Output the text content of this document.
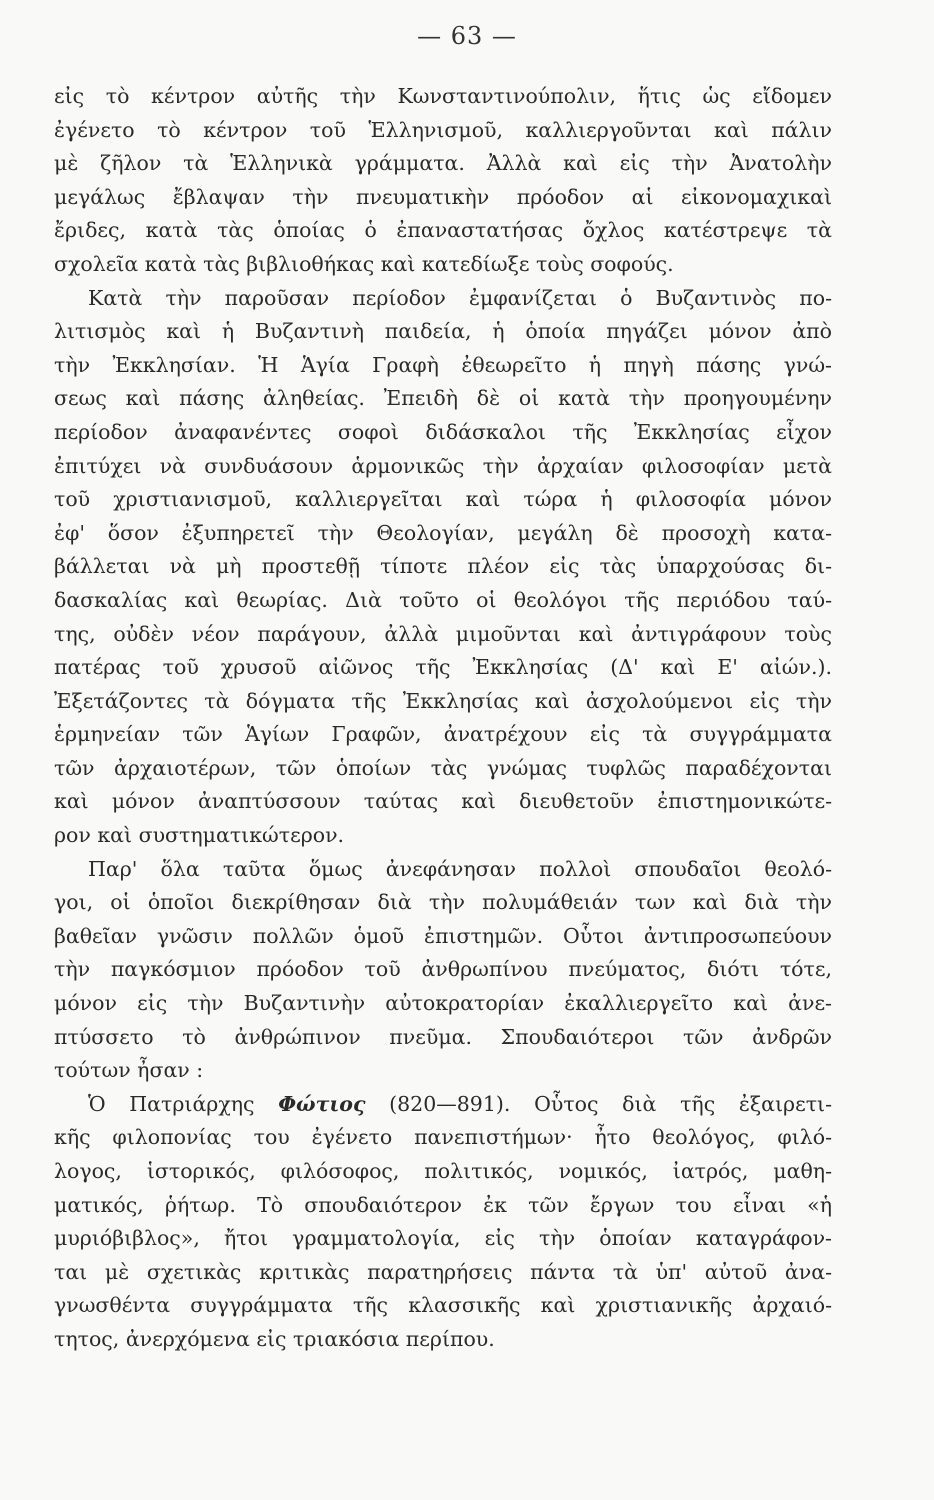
— 63 —
εἰς τὸ κέντρον αὐτῆς τὴν Κωνσταντινούπολιν, ἥτις ὡς εἴδομεν
ἐγένετο τὸ κέντρον τοῦ Ἑλληνισμοῦ, καλλιεργοῦνται καὶ πάλιν
μὲ ζῆλον τὰ Ἑλληνικὰ γράμματα. Ἀλλὰ καὶ εἰς τὴν Ἀνατολὴν
μεγάλως ἔβλαψαν τὴν πνευματικὴν πρόοδον αἱ εἰκονομαχικαὶ
ἔριδες, κατὰ τὰς ὁποίας ὁ ἐπαναστατήσας ὄχλος κατέστρεψε τὰ
σχολεῖα κατὰ τὰς βιβλιοθήκας καὶ κατεδίωξε τοὺς σοφούς.
Κατὰ τὴν παροῦσαν περίοδον ἐμφανίζεται ὁ Βυζαντινὸς πο-
λιτισμὸς καὶ ἡ Βυζαντινὴ παιδεία, ἡ ὁποία πηγάζει μόνον ἀπὸ
τὴν Ἐκκλησίαν. Ἡ Ἁγία Γραφὴ ἐθεωρεῖτο ἡ πηγὴ πάσης γνώ-
σεως καὶ πάσης ἀληθείας. Ἐπειδὴ δὲ οἱ κατὰ τὴν προηγουμένην
περίοδον ἀναφανέντες σοφοὶ διδάσκαλοι τῆς Ἐκκλησίας εἶχον
ἐπιτύχει νὰ συνδυάσουν ἁρμονικῶς τὴν ἀρχαίαν φιλοσοφίαν μετὰ
τοῦ χριστιανισμοῦ, καλλιεργεῖται καὶ τώρα ἡ φιλοσοφία μόνον
ἐφ' ὅσον ἐξυπηρετεῖ τὴν Θεολογίαν, μεγάλη δὲ προσοχὴ κατα-
βάλλεται νὰ μὴ προστεθῇ τίποτε πλέον εἰς τὰς ὑπαρχούσας δι-
δασκαλίας καὶ θεωρίας. Διὰ τοῦτο οἱ θεολόγοι τῆς περιόδου ταύ-
της, οὐδὲν νέον παράγουν, ἀλλὰ μιμοῦνται καὶ ἀντιγράφουν τοὺς
πατέρας τοῦ χρυσοῦ αἰῶνος τῆς Ἐκκλησίας (Δ' καὶ Ε' αἰών.).
Ἐξετάζοντες τὰ δόγματα τῆς Ἐκκλησίας καὶ ἀσχολούμενοι εἰς τὴν
ἑρμηνείαν τῶν Ἁγίων Γραφῶν, ἀνατρέχουν εἰς τὰ συγγράμματα
τῶν ἀρχαιοτέρων, τῶν ὁποίων τὰς γνώμας τυφλῶς παραδέχονται
καὶ μόνον ἀναπτύσσουν ταύτας καὶ διευθετοῦν ἐπιστημονικώτε-
ρον καὶ συστηματικώτερον.
Παρ' ὅλα ταῦτα ὅμως ἀνεφάνησαν πολλοὶ σπουδαῖοι θεολό-
γοι, οἱ ὁποῖοι διεκρίθησαν διὰ τὴν πολυμάθειάν των καὶ διὰ τὴν
βαθεῖαν γνῶσιν πολλῶν ὁμοῦ ἐπιστημῶν. Οὗτοι ἀντιπροσωπεύουν
τὴν παγκόσμιον πρόοδον τοῦ ἀνθρωπίνου πνεύματος, διότι τότε,
μόνον εἰς τὴν Βυζαντινὴν αὐτοκρατορίαν ἐκαλλιεργεῖτο καὶ ἀνε-
πτύσσετο τὸ ἀνθρώπινον πνεῦμα. Σπουδαιότεροι τῶν ἀνδρῶν
τούτων ἦσαν :
Ὁ Πατριάρχης Φώτιος (820—891). Οὗτος διὰ τῆς ἐξαιρετι-
κῆς φιλοπονίας του ἐγένετο πανεπιστήμων· ἦτο θεολόγος, φιλό-
λογος, ἱστορικός, φιλόσοφος, πολιτικός, νομικός, ἰατρός, μαθη-
ματικός, ῥήτωρ. Τὸ σπουδαιότερον ἐκ τῶν ἔργων του εἶναι «ἡ
μυριόβιβλος», ἤτοι γραμματολογία, εἰς τὴν ὁποίαν καταγράφον-
ται μὲ σχετικὰς κριτικὰς παρατηρήσεις πάντα τὰ ὑπ' αὐτοῦ ἀνα-
γνωσθέντα συγγράμματα τῆς κλασσικῆς καὶ χριστιανικῆς ἀρχαιό-
τητος, ἀνερχόμενα εἰς τριακόσια περίπου.
